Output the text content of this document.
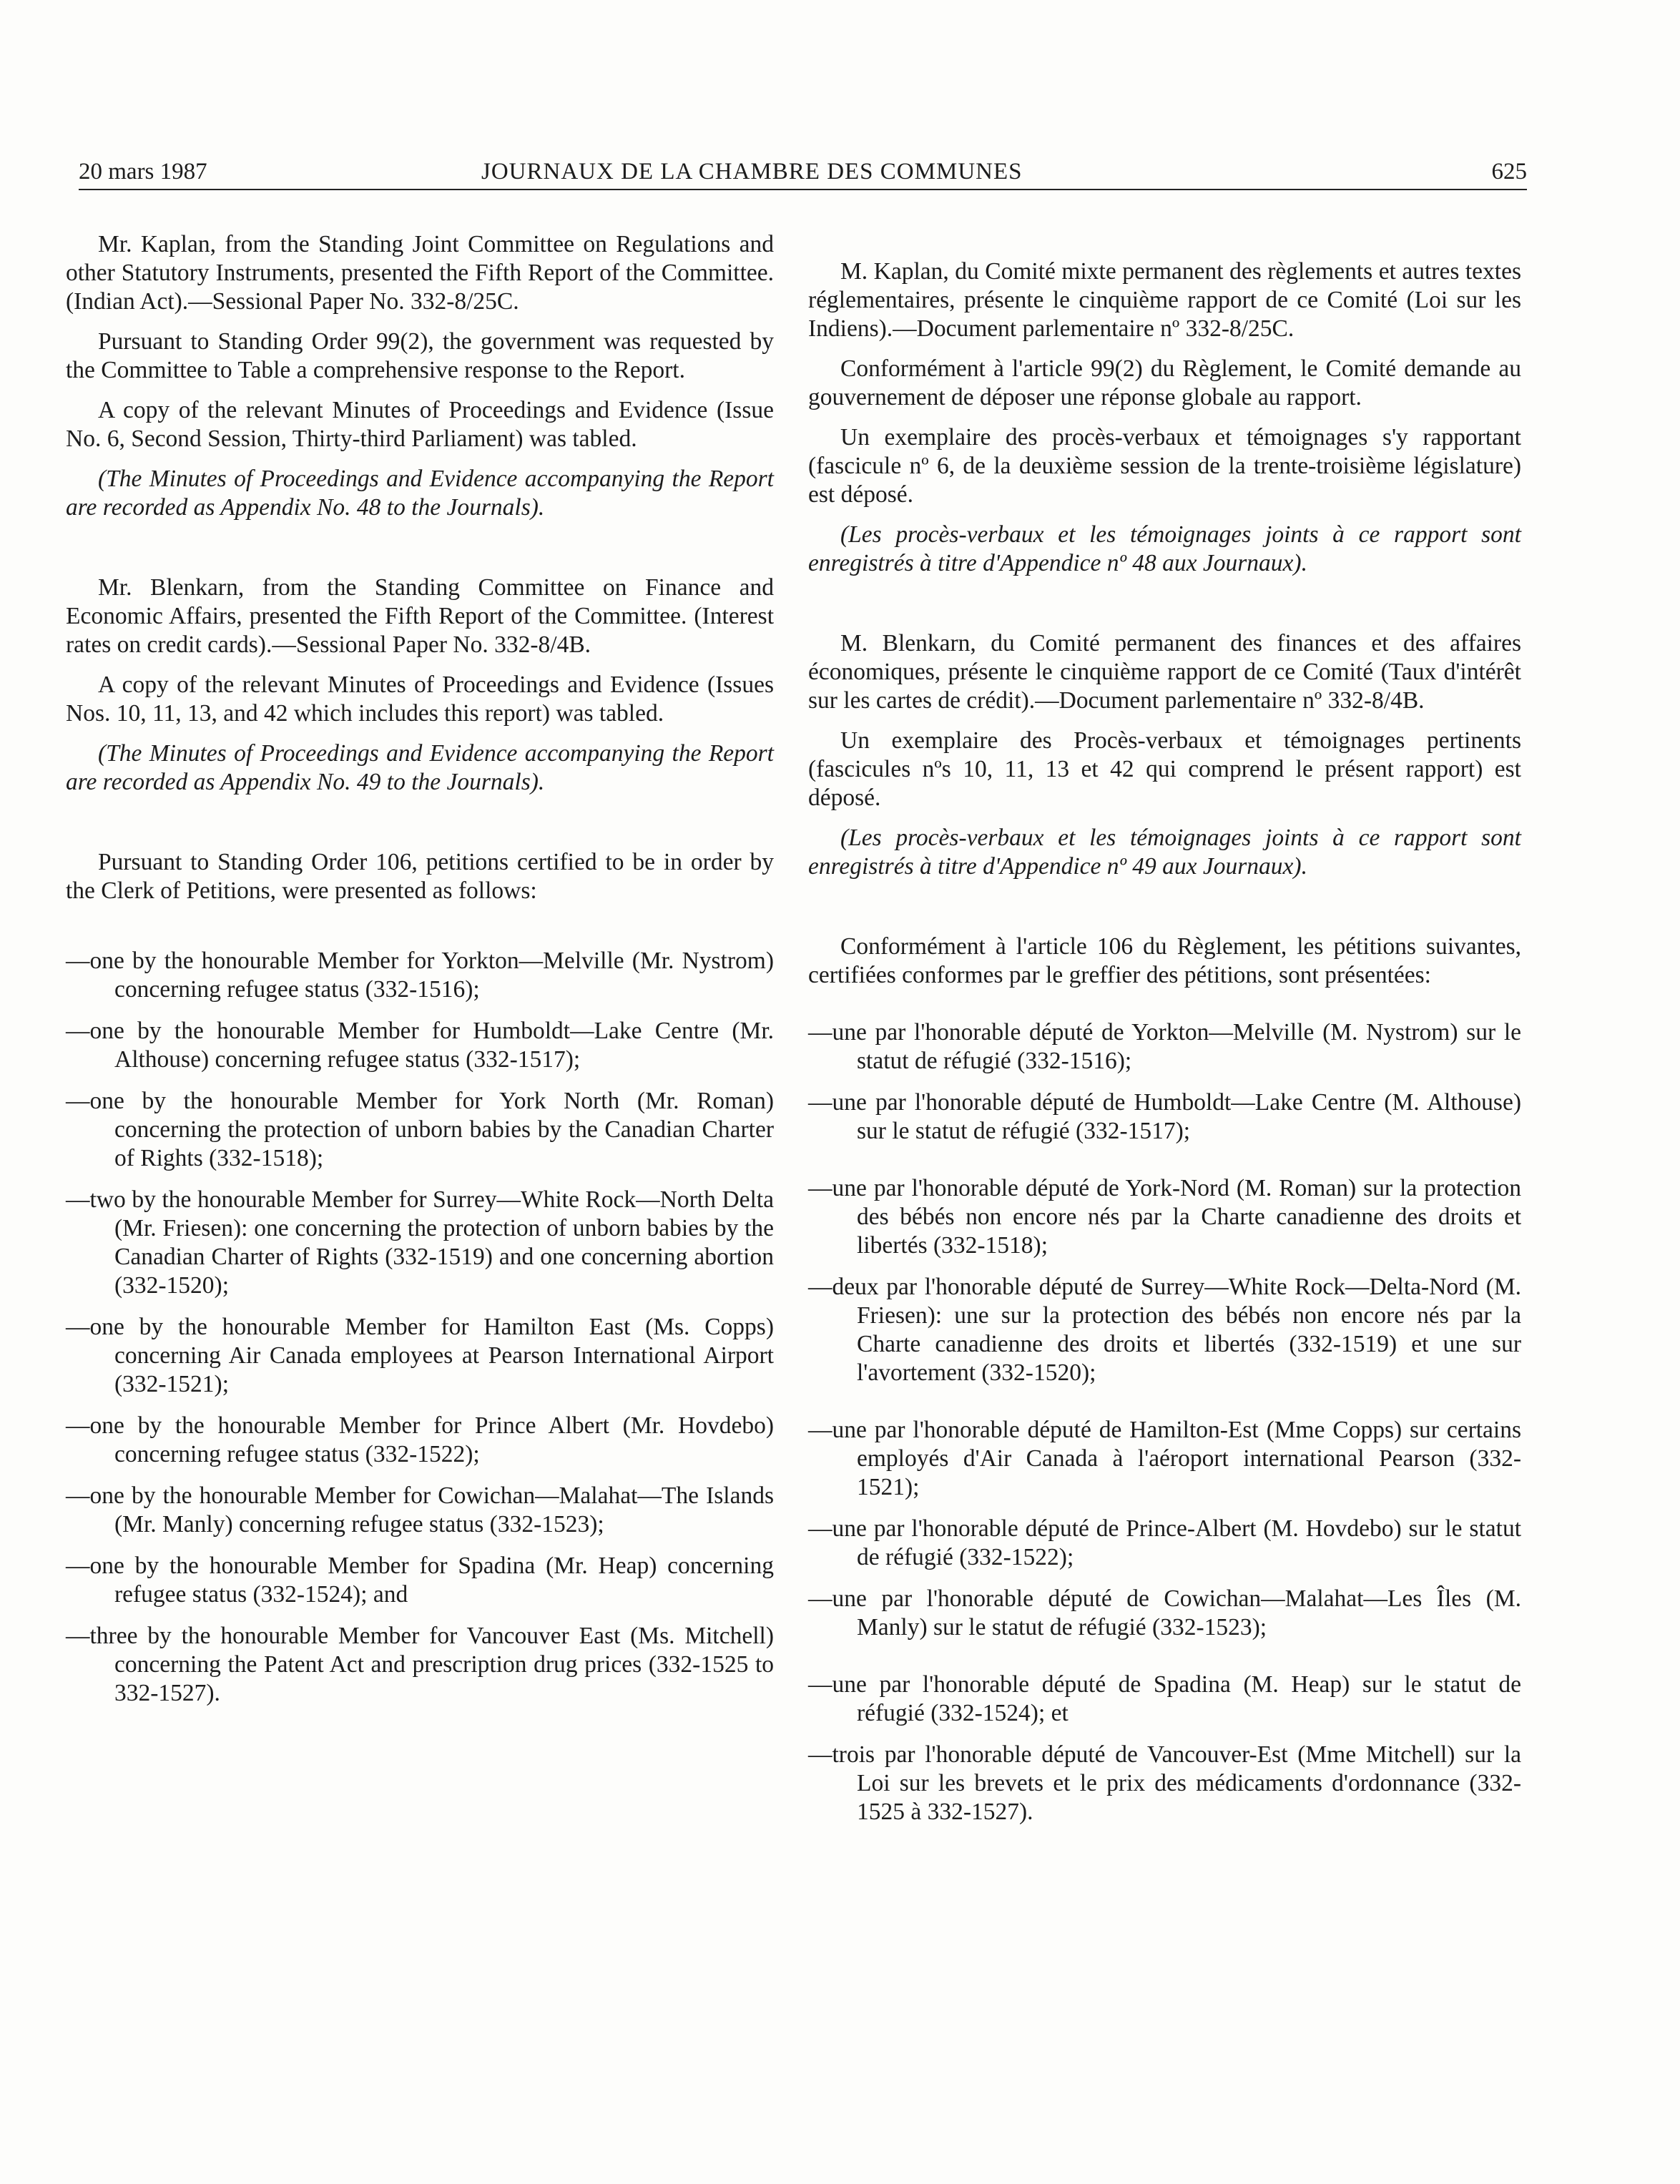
20 mars 1987	JOURNAUX DE LA CHAMBRE DES COMMUNES	625

Mr. Kaplan, from the Standing Joint Committee on Regulations and other Statutory Instruments, presented the Fifth Report of the Committee. (Indian Act).—Sessional Paper No. 332-8/25C.

Pursuant to Standing Order 99(2), the government was requested by the Committee to Table a comprehensive response to the Report.

A copy of the relevant Minutes of Proceedings and Evidence (Issue No. 6, Second Session, Thirty-third Parliament) was tabled.

(The Minutes of Proceedings and Evidence accompanying the Report are recorded as Appendix No. 48 to the Journals).

Mr. Blenkarn, from the Standing Committee on Finance and Economic Affairs, presented the Fifth Report of the Committee. (Interest rates on credit cards).—Sessional Paper No. 332-8/4B.

A copy of the relevant Minutes of Proceedings and Evidence (Issues Nos. 10, 11, 13, and 42 which includes this report) was tabled.

(The Minutes of Proceedings and Evidence accompanying the Report are recorded as Appendix No. 49 to the Journals).

Pursuant to Standing Order 106, petitions certified to be in order by the Clerk of Petitions, were presented as follows:

—one by the honourable Member for Yorkton—Melville (Mr. Nystrom) concerning refugee status (332-1516);

—one by the honourable Member for Humboldt—Lake Centre (Mr. Althouse) concerning refugee status (332-1517);

—one by the honourable Member for York North (Mr. Roman) concerning the protection of unborn babies by the Canadian Charter of Rights (332-1518);

—two by the honourable Member for Surrey—White Rock—North Delta (Mr. Friesen): one concerning the protection of unborn babies by the Canadian Charter of Rights (332-1519) and one concerning abortion (332-1520);

—one by the honourable Member for Hamilton East (Ms. Copps) concerning Air Canada employees at Pearson International Airport (332-1521);

—one by the honourable Member for Prince Albert (Mr. Hovdebo) concerning refugee status (332-1522);

—one by the honourable Member for Cowichan—Malahat—The Islands (Mr. Manly) concerning refugee status (332-1523);

—one by the honourable Member for Spadina (Mr. Heap) concerning refugee status (332-1524); and

—three by the honourable Member for Vancouver East (Ms. Mitchell) concerning the Patent Act and prescription drug prices (332-1525 to 332-1527).

M. Kaplan, du Comité mixte permanent des règlements et autres textes réglementaires, présente le cinquième rapport de ce Comité (Loi sur les Indiens).—Document parlementaire nº 332-8/25C.

Conformément à l'article 99(2) du Règlement, le Comité demande au gouvernement de déposer une réponse globale au rapport.

Un exemplaire des procès-verbaux et témoignages s'y rapportant (fascicule nº 6, de la deuxième session de la trente-troisième législature) est déposé.

(Les procès-verbaux et les témoignages joints à ce rapport sont enregistrés à titre d'Appendice nº 48 aux Journaux).

M. Blenkarn, du Comité permanent des finances et des affaires économiques, présente le cinquième rapport de ce Comité (Taux d'intérêt sur les cartes de crédit).—Document parlementaire nº 332-8/4B.

Un exemplaire des Procès-verbaux et témoignages pertinents (fascicules nºs 10, 11, 13 et 42 qui comprend le présent rapport) est déposé.

(Les procès-verbaux et les témoignages joints à ce rapport sont enregistrés à titre d'Appendice nº 49 aux Journaux).

Conformément à l'article 106 du Règlement, les pétitions suivantes, certifiées conformes par le greffier des pétitions, sont présentées:

—une par l'honorable député de Yorkton—Melville (M. Nystrom) sur le statut de réfugié (332-1516);

—une par l'honorable député de Humboldt—Lake Centre (M. Althouse) sur le statut de réfugié (332-1517);

—une par l'honorable député de York-Nord (M. Roman) sur la protection des bébés non encore nés par la Charte canadienne des droits et libertés (332-1518);

—deux par l'honorable député de Surrey—White Rock—Delta-Nord (M. Friesen): une sur la protection des bébés non encore nés par la Charte canadienne des droits et libertés (332-1519) et une sur l'avortement (332-1520);

—une par l'honorable député de Hamilton-Est (Mme Copps) sur certains employés d'Air Canada à l'aéroport international Pearson (332-1521);

—une par l'honorable député de Prince-Albert (M. Hovdebo) sur le statut de réfugié (332-1522);

—une par l'honorable député de Cowichan—Malahat—Les Îles (M. Manly) sur le statut de réfugié (332-1523);

—une par l'honorable député de Spadina (M. Heap) sur le statut de réfugié (332-1524); et

—trois par l'honorable député de Vancouver-Est (Mme Mitchell) sur la Loi sur les brevets et le prix des médicaments d'ordonnance (332-1525 à 332-1527).
